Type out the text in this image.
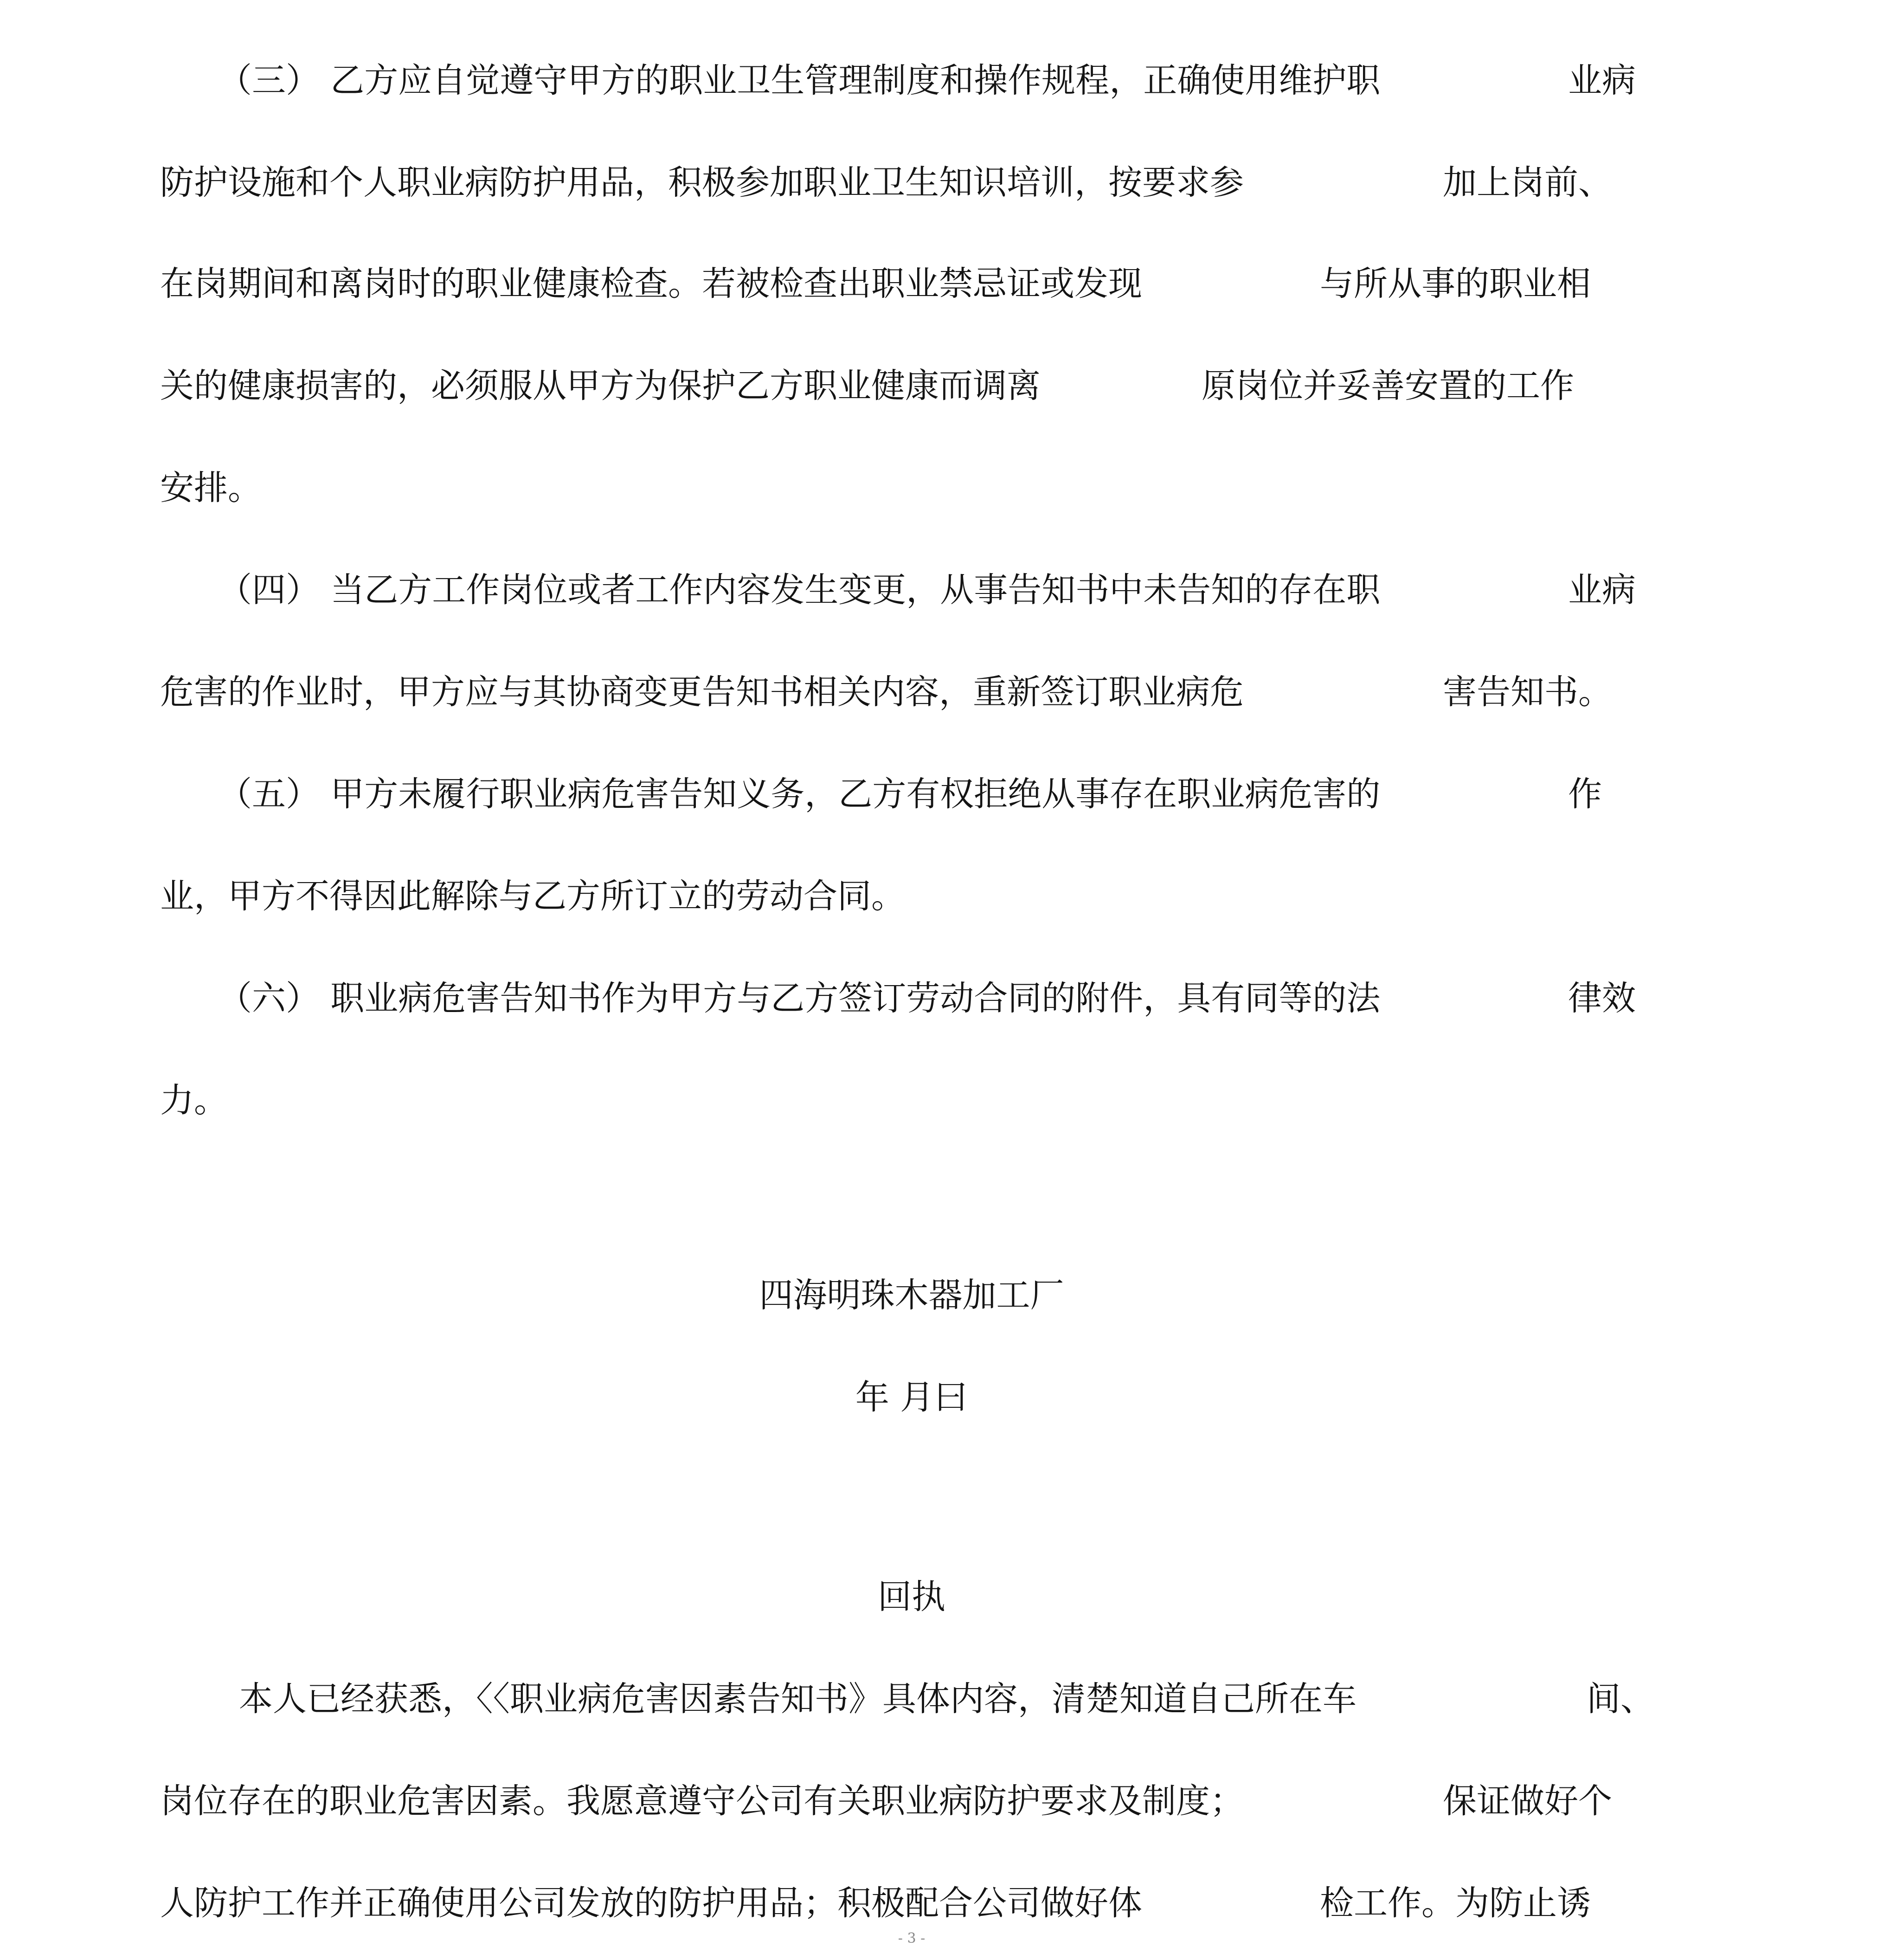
（三） 乙方应自觉遵守甲方的职业卫生管理制度和操作规程，正确使用维护职	业病
防护设施和个人职业病防护用品，积极参加职业卫生知识培训，按要求参	加上岗前、
在岗期间和离岗时的职业健康检查。若被检查出职业禁忌证或发现	与所从事的职业相
关的健康损害的，必须服从甲方为保护乙方职业健康而调离	原岗位并妥善安置的工作
安排。
（四） 当乙方工作岗位或者工作内容发生变更，从事告知书中未告知的存在职	业病
危害的作业时，甲方应与其协商变更告知书相关内容，重新签订职业病危	害告知书。
（五） 甲方未履行职业病危害告知义务，乙方有权拒绝从事存在职业病危害的	作
业，甲方不得因此解除与乙方所订立的劳动合同。
（六） 职业病危害告知书作为甲方与乙方签订劳动合同的附件，具有同等的法	律效
力。
四海明珠木器加工厂
年 月曰
回执
本人已经获悉，〈〈职业病危害因素告知书》具体内容，清楚知道自己所在车	间、
岗位存在的职业危害因素。我愿意遵守公司有关职业病防护要求及制度；	保证做好个
人防护工作并正确使用公司发放的防护用品；积极配合公司做好体	检工作。为防止诱
- 3 -
